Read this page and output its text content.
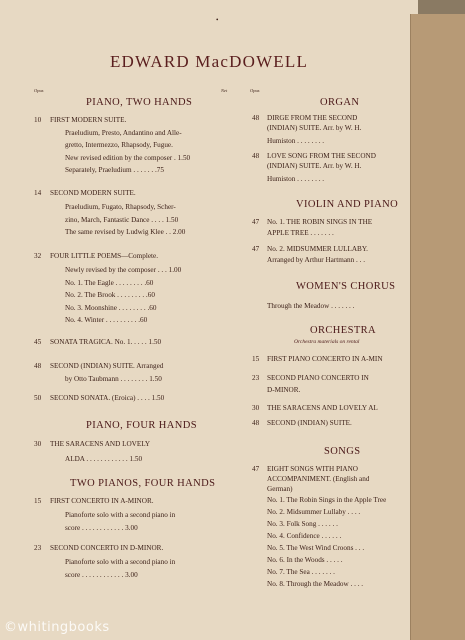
•
EDWARD MacDOWELL
Opus	Net	Opus
PIANO, TWO HANDS
10 FIRST MODERN SUITE.
Praeludium, Presto, Andantino and Alle-
gretto, Intermezzo, Rhapsody, Fugue.
New revised edition by the composer . 1.50
Separately, Praeludium . . . . . . .75
14 SECOND MODERN SUITE.
Praeludium, Fugato, Rhapsody, Scher-
zino, March, Fantastic Dance . . . . 1.50
The same revised by Ludwig Klee . . 2.00
32 FOUR LITTLE POEMS—Complete.
Newly revised by the composer . . . 1.00
No. 1. The Eagle . . . . . . . . .60
No. 2. The Brook . . . . . . . . .60
No. 3. Moonshine . . . . . . . . .60
No. 4. Winter . . . . . . . . . .60
45 SONATA TRAGICA. No. 1. . . . . 1.50
48 SECOND (INDIAN) SUITE. Arranged
by Otto Taubmann . . . . . . . . 1.50
50 SECOND SONATA. (Eroica) . . . . 1.50
PIANO, FOUR HANDS
30 THE SARACENS AND LOVELY
ALDA . . . . . . . . . . . . 1.50
TWO PIANOS, FOUR HANDS
15 FIRST CONCERTO IN A-MINOR.
Pianoforte solo with a second piano in
score . . . . . . . . . . . . 3.00
23 SECOND CONCERTO IN D-MINOR.
Pianoforte solo with a second piano in
score . . . . . . . . . . . . 3.00
ORGAN
48 DIRGE FROM THE SECOND
(INDIAN) SUITE. Arr. by W. H.
Humiston . . . . . . . .
48 LOVE SONG FROM THE SECOND
(INDIAN) SUITE. Arr. by W. H.
Humiston . . . . . . . .
VIOLIN AND PIANO
47 No. 1. THE ROBIN SINGS IN THE
APPLE TREE . . . . . . .
47 No. 2. MIDSUMMER LULLABY.
Arranged by Arthur Hartmann . . .
WOMEN'S CHORUS
Through the Meadow . . . . . . .
ORCHESTRA
Orchestra materials on rental
15 FIRST PIANO CONCERTO IN A-MIN
23 SECOND PIANO CONCERTO IN
D-MINOR.
30 THE SARACENS AND LOVELY AL
48 SECOND (INDIAN) SUITE.
SONGS
47 EIGHT SONGS WITH PIANO
ACCOMPANIMENT. (English and
German)
No. 1. The Robin Sings in the Apple Tree
No. 2. Midsummer Lullaby . . . .
No. 3. Folk Song . . . . . .
No. 4. Confidence . . . . . .
No. 5. The West Wind Croons . . .
No. 6. In the Woods . . . . .
No. 7. The Sea . . . . . . .
No. 8. Through the Meadow . . . .
©whitingbooks
